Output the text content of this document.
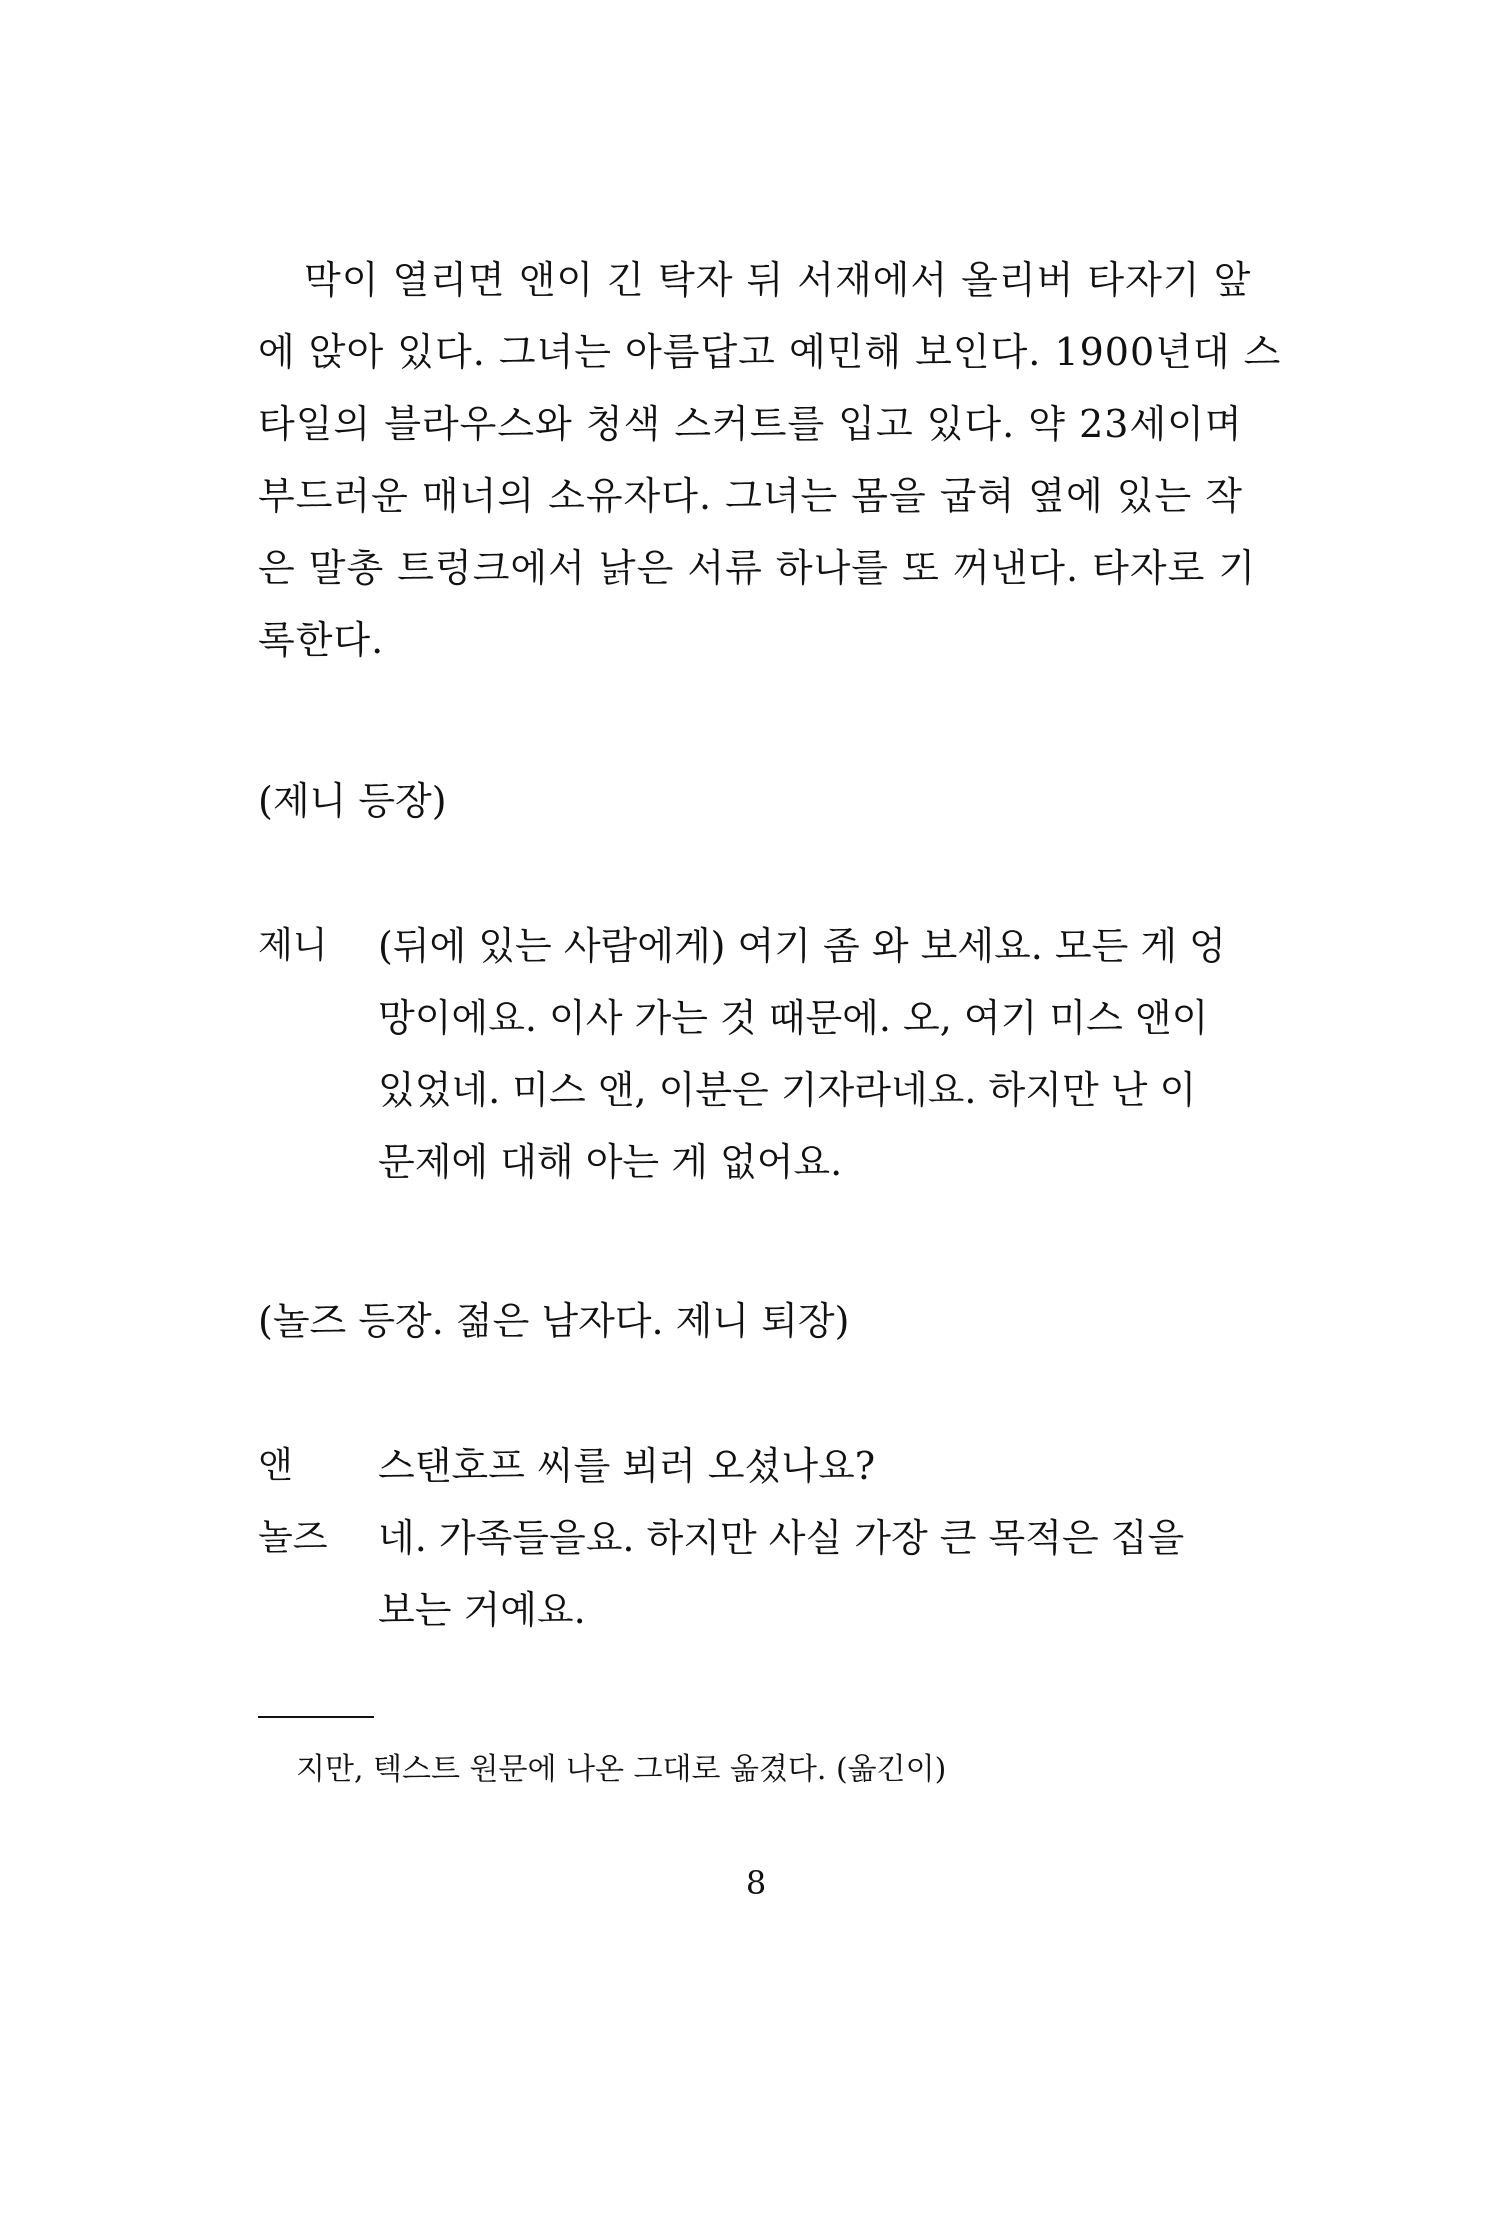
막이 열리면 앤이 긴 탁자 뒤 서재에서 올리버 타자기 앞
에 앉아 있다. 그녀는 아름답고 예민해 보인다. 1900년대 스
타일의 블라우스와 청색 스커트를 입고 있다. 약 23세이며
부드러운 매너의 소유자다. 그녀는 몸을 굽혀 옆에 있는 작
은 말총 트렁크에서 낡은 서류 하나를 또 꺼낸다. 타자로 기
록한다.
(제니 등장)
제니	(뒤에 있는 사람에게) 여기 좀 와 보세요. 모든 게 엉
망이에요. 이사 가는 것 때문에. 오, 여기 미스 앤이
있었네. 미스 앤, 이분은 기자라네요. 하지만 난 이
문제에 대해 아는 게 없어요.
(놀즈 등장. 젊은 남자다. 제니 퇴장)
앤	스탠호프 씨를 뵈러 오셨나요?
놀즈	네. 가족들을요. 하지만 사실 가장 큰 목적은 집을
보는 거예요.
지만, 텍스트 원문에 나온 그대로 옮겼다. (옮긴이)
8
